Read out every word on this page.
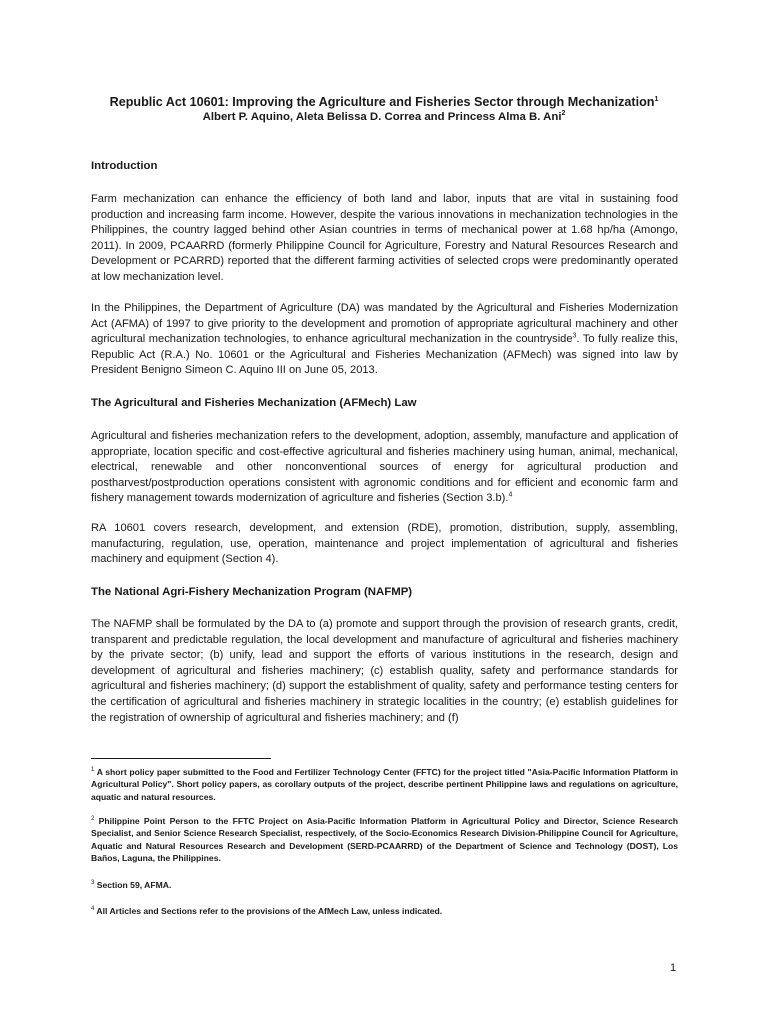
Republic Act 10601: Improving the Agriculture and Fisheries Sector through Mechanization$^1$
Albert P. Aquino, Aleta Belissa D. Correa and Princess Alma B. Ani$^2$
Introduction
Farm mechanization can enhance the efficiency of both land and labor, inputs that are vital in sustaining food production and increasing farm income. However, despite the various innovations in mechanization technologies in the Philippines, the country lagged behind other Asian countries in terms of mechanical power at 1.68 hp/ha (Amongo, 2011). In 2009, PCAARRD (formerly Philippine Council for Agriculture, Forestry and Natural Resources Research and Development or PCARRD) reported that the different farming activities of selected crops were predominantly operated at low mechanization level.
In the Philippines, the Department of Agriculture (DA) was mandated by the Agricultural and Fisheries Modernization Act (AFMA) of 1997 to give priority to the development and promotion of appropriate agricultural machinery and other agricultural mechanization technologies, to enhance agricultural mechanization in the countryside$^3$. To fully realize this, Republic Act (R.A.) No. 10601 or the Agricultural and Fisheries Mechanization (AFMech) was signed into law by President Benigno Simeon C. Aquino III on June 05, 2013.
The Agricultural and Fisheries Mechanization (AFMech) Law
Agricultural and fisheries mechanization refers to the development, adoption, assembly, manufacture and application of appropriate, location specific and cost-effective agricultural and fisheries machinery using human, animal, mechanical, electrical, renewable and other nonconventional sources of energy for agricultural production and postharvest/postproduction operations consistent with agronomic conditions and for efficient and economic farm and fishery management towards modernization of agriculture and fisheries (Section 3.b).$^4$
RA 10601 covers research, development, and extension (RDE), promotion, distribution, supply, assembling, manufacturing, regulation, use, operation, maintenance and project implementation of agricultural and fisheries machinery and equipment (Section 4).
The National Agri-Fishery Mechanization Program (NAFMP)
The NAFMP shall be formulated by the DA to (a) promote and support through the provision of research grants, credit, transparent and predictable regulation, the local development and manufacture of agricultural and fisheries machinery by the private sector; (b) unify, lead and support the efforts of various institutions in the research, design and development of agricultural and fisheries machinery; (c) establish quality, safety and performance standards for agricultural and fisheries machinery; (d) support the establishment of quality, safety and performance testing centers for the certification of agricultural and fisheries machinery in strategic localities in the country; (e) establish guidelines for the registration of ownership of agricultural and fisheries machinery; and (f)
$^1$ A short policy paper submitted to the Food and Fertilizer Technology Center (FFTC) for the project titled "Asia-Pacific Information Platform in Agricultural Policy". Short policy papers, as corollary outputs of the project, describe pertinent Philippine laws and regulations on agriculture, aquatic and natural resources.
$^2$ Philippine Point Person to the FFTC Project on Asia-Pacific Information Platform in Agricultural Policy and Director, Science Research Specialist, and Senior Science Research Specialist, respectively, of the Socio-Economics Research Division-Philippine Council for Agriculture, Aquatic and Natural Resources Research and Development (SERD-PCAARRD) of the Department of Science and Technology (DOST), Los Baños, Laguna, the Philippines.
$^3$ Section 59, AFMA.
$^4$ All Articles and Sections refer to the provisions of the AfMech Law, unless indicated.
1
